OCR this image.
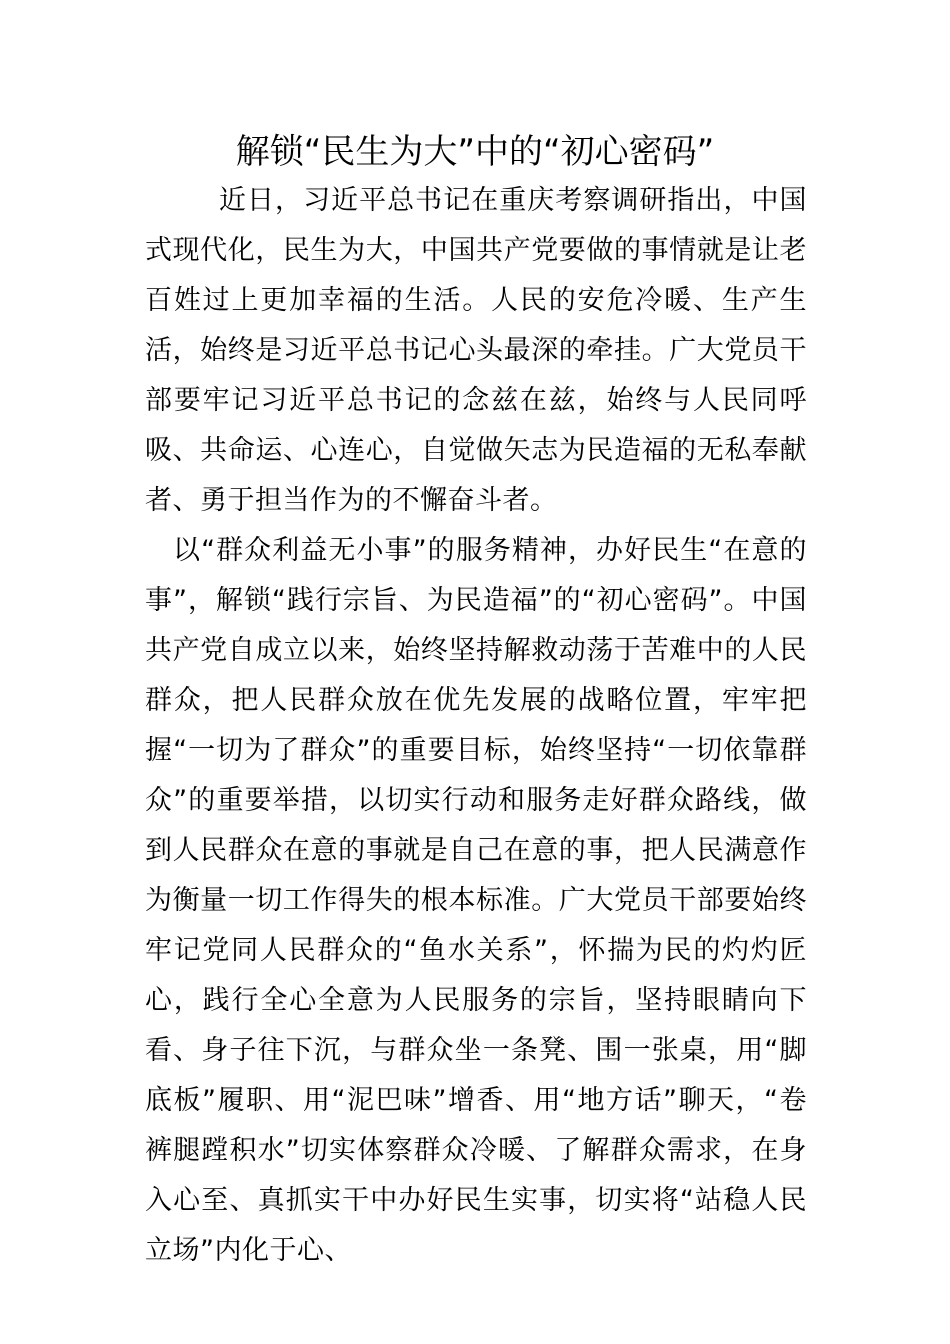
解锁“民生为大”中的“初心密码”

近日，习近平总书记在重庆考察调研指出，中国式现代化，民生为大，中国共产党要做的事情就是让老百姓过上更加幸福的生活。人民的安危冷暖、生产生活，始终是习近平总书记心头最深的牵挂。广大党员干部要牢记习近平总书记的念兹在兹，始终与人民同呼吸、共命运、心连心，自觉做矢志为民造福的无私奉献者、勇于担当作为的不懈奋斗者。

以“群众利益无小事”的服务精神，办好民生“在意的事”，解锁“践行宗旨、为民造福”的“初心密码”。中国共产党自成立以来，始终坚持解救动荡于苦难中的人民群众，把人民群众放在优先发展的战略位置，牢牢把握“一切为了群众”的重要目标，始终坚持“一切依靠群众”的重要举措，以切实行动和服务走好群众路线，做到人民群众在意的事就是自己在意的事，把人民满意作为衡量一切工作得失的根本标准。广大党员干部要始终牢记党同人民群众的“鱼水关系”，怀揣为民的灼灼匠心，践行全心全意为人民服务的宗旨，坚持眼睛向下看、身子往下沉，与群众坐一条凳、围一张桌，用“脚底板”履职、用“泥巴味”增香、用“地方话”聊天，“卷裤腿蹚积水”切实体察群众冷暖、了解群众需求，在身入心至、真抓实干中办好民生实事，切实将“站稳人民立场”内化于心、
